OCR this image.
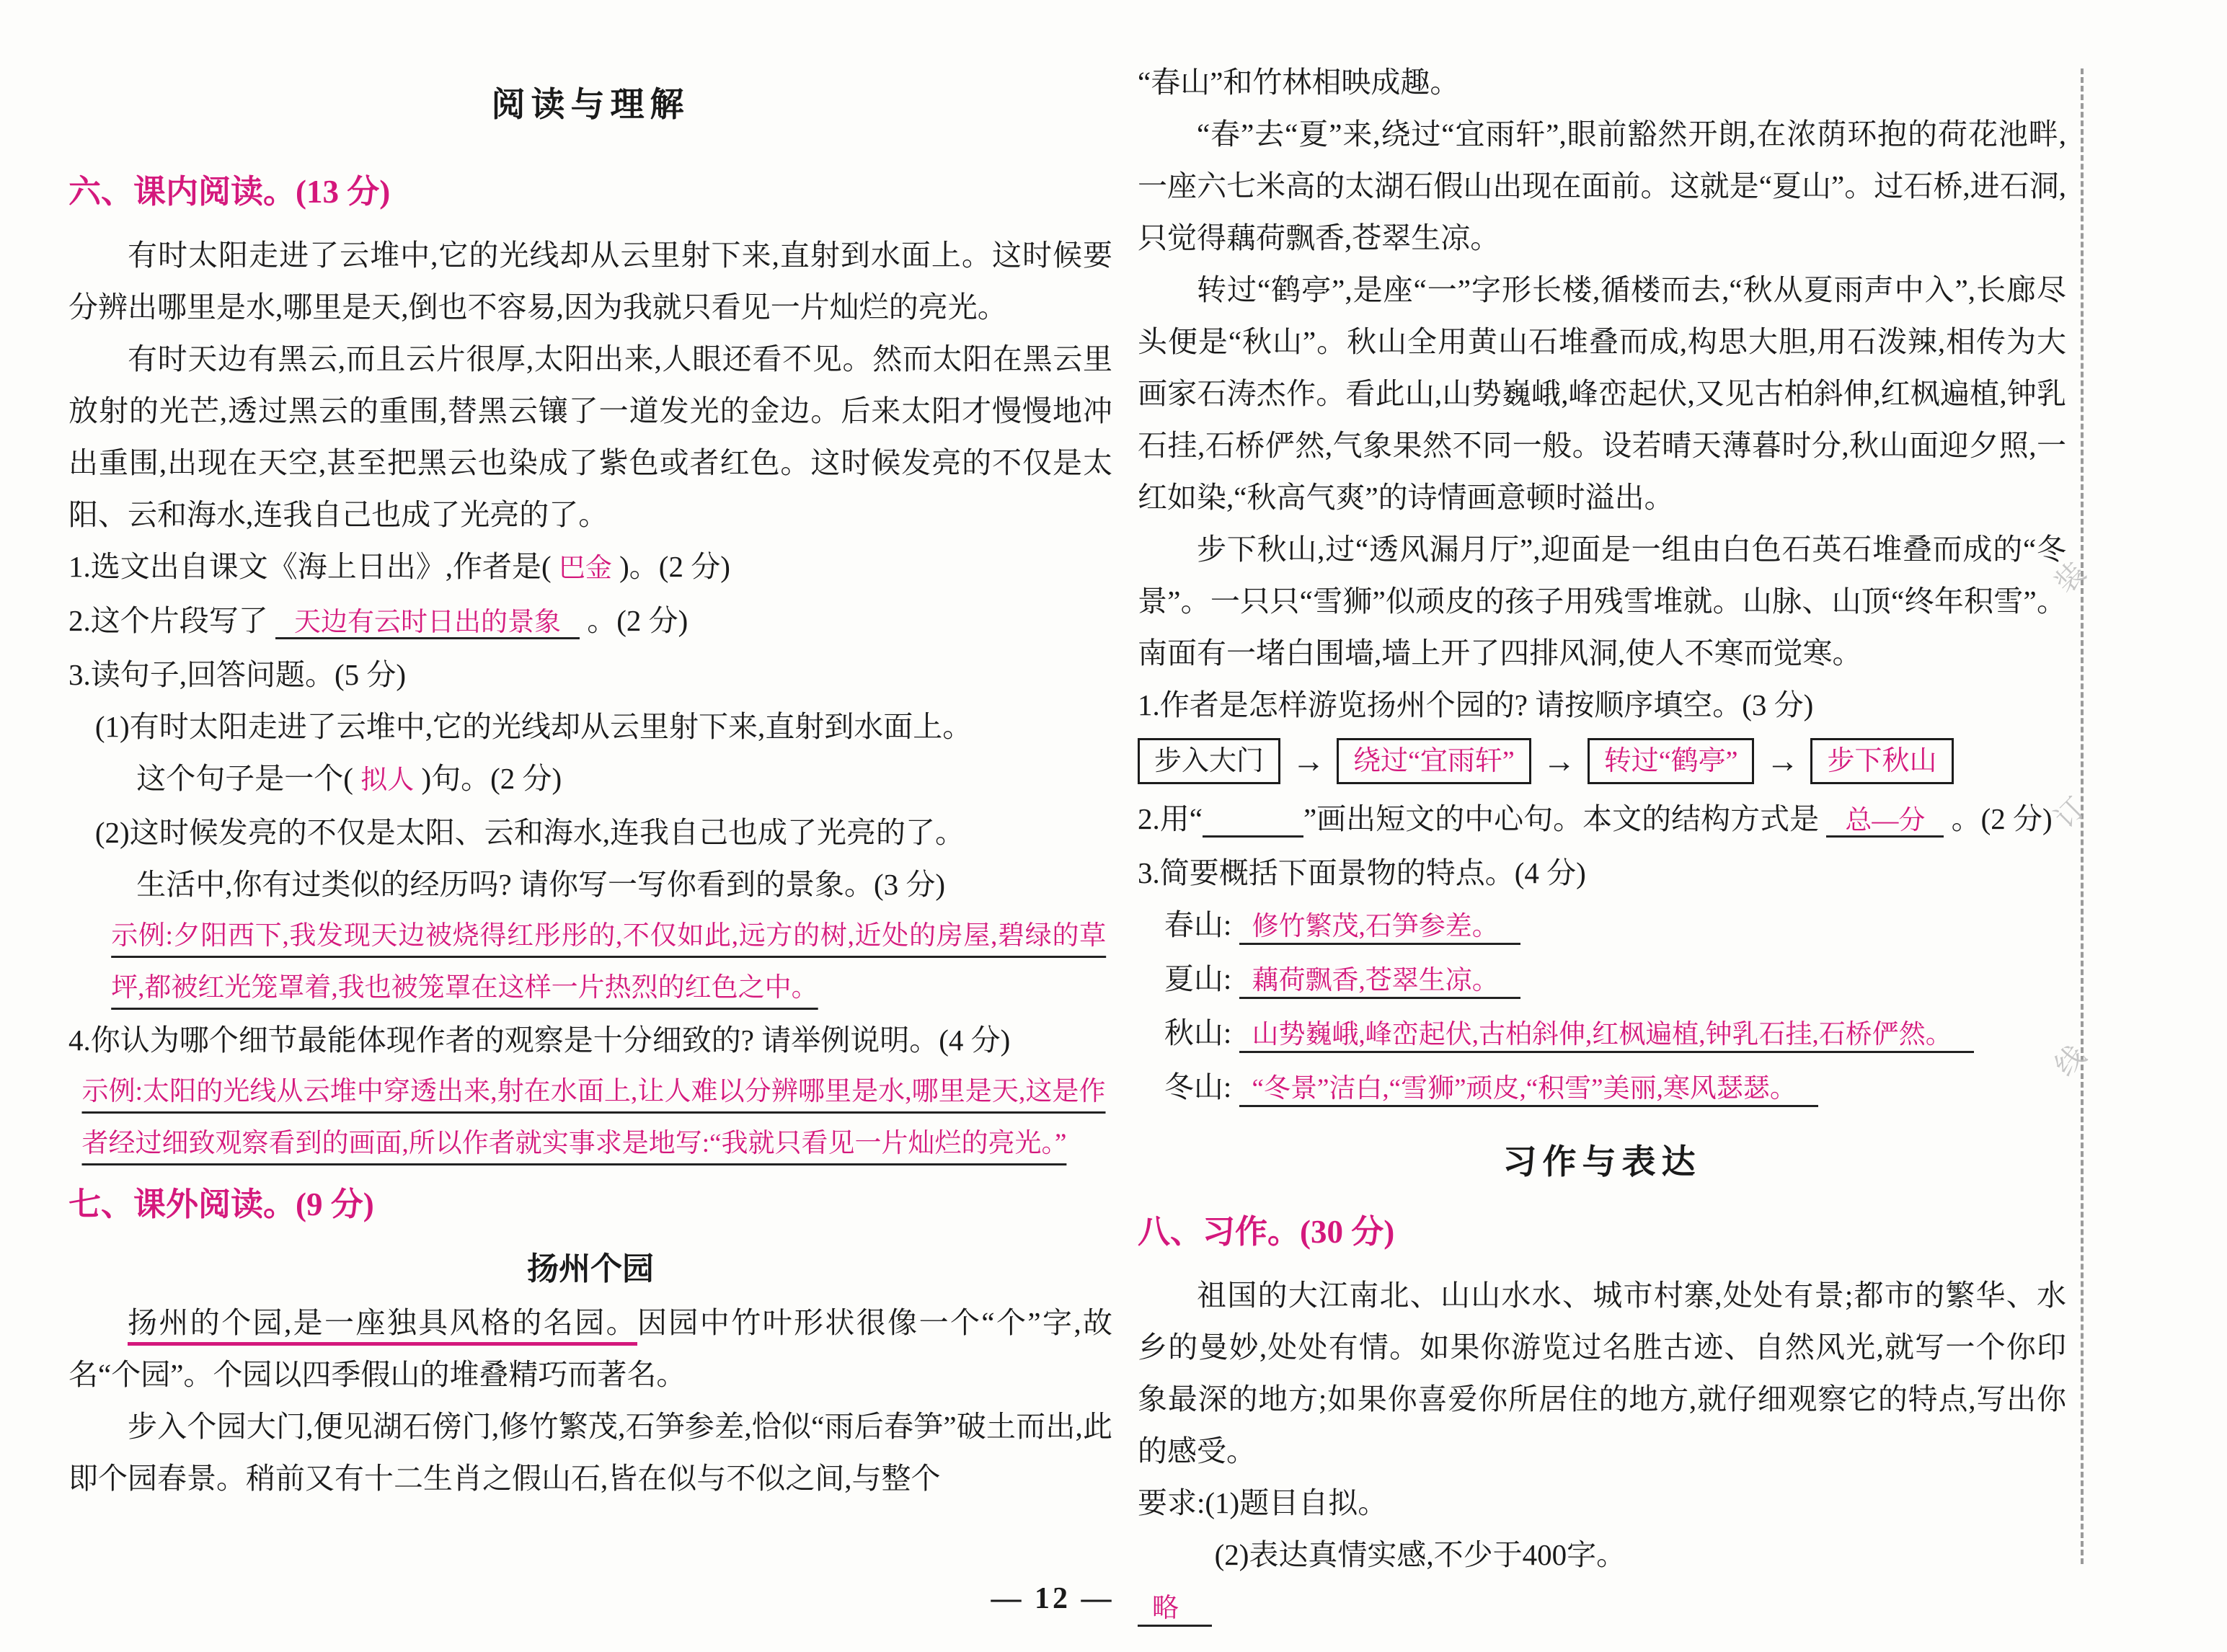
阅读与理解
六、课内阅读。(13 分)
有时太阳走进了云堆中,它的光线却从云里射下来,直射到水面上。这时候要分辨出哪里是水,哪里是天,倒也不容易,因为我就只看见一片灿烂的亮光。
有时天边有黑云,而且云片很厚,太阳出来,人眼还看不见。然而太阳在黑云里放射的光芒,透过黑云的重围,替黑云镶了一道发光的金边。后来太阳才慢慢地冲出重围,出现在天空,甚至把黑云也染成了紫色或者红色。这时候发亮的不仅是太阳、云和海水,连我自己也成了光亮的了。
1.选文出自课文《海上日出》,作者是( 巴金 )。(2 分)
2.这个片段写了 天边有云时日出的景象 。(2 分)
3.读句子,回答问题。(5 分)
(1)有时太阳走进了云堆中,它的光线却从云里射下来,直射到水面上。
这个句子是一个( 拟人 )句。(2 分)
(2)这时候发亮的不仅是太阳、云和海水,连我自己也成了光亮的了。
生活中,你有过类似的经历吗? 请你写一写你看到的景象。(3 分)
示例:夕阳西下,我发现天边被烧得红彤彤的,不仅如此,远方的树,近处的房屋,碧绿的草坪,都被红光笼罩着,我也被笼罩在这样一片热烈的红色之中。
4.你认为哪个细节最能体现作者的观察是十分细致的? 请举例说明。(4 分)
示例:太阳的光线从云堆中穿透出来,射在水面上,让人难以分辨哪里是水,哪里是天,这是作者经过细致观察看到的画面,所以作者就实事求是地写:“我就只看见一片灿烂的亮光。”
七、课外阅读。(9 分)
扬州个园
扬州的个园,是一座独具风格的名园。因园中竹叶形状很像一个“个”字,故名“个园”。个园以四季假山的堆叠精巧而著名。
步入个园大门,便见湖石傍门,修竹繁茂,石笋参差,恰似“雨后春笋”破土而出,此即个园春景。稍前又有十二生肖之假山石,皆在似与不似之间,与整个
“春山”和竹林相映成趣。
“春”去“夏”来,绕过“宜雨轩”,眼前豁然开朗,在浓荫环抱的荷花池畔,一座六七米高的太湖石假山出现在面前。这就是“夏山”。过石桥,进石洞,只觉得藕荷飘香,苍翠生凉。
转过“鹤亭”,是座“一”字形长楼,循楼而去,“秋从夏雨声中入”,长廊尽头便是“秋山”。秋山全用黄山石堆叠而成,构思大胆,用石泼辣,相传为大画家石涛杰作。看此山,山势巍峨,峰峦起伏,又见古柏斜伸,红枫遍植,钟乳石挂,石桥俨然,气象果然不同一般。设若晴天薄暮时分,秋山面迎夕照,一红如染,“秋高气爽”的诗情画意顿时溢出。
步下秋山,过“透风漏月厅”,迎面是一组由白色石英石堆叠而成的“冬景”。一只只“雪狮”似顽皮的孩子用残雪堆就。山脉、山顶“终年积雪”。南面有一堵白围墙,墙上开了四排风洞,使人不寒而觉寒。
1.作者是怎样游览扬州个园的? 请按顺序填空。(3 分)
步入大门 →	绕过“宜雨轩” →	转过“鹤亭” →	步下秋山
2.用“	”画出短文的中心句。本文的结构方式是 总—分 。(2 分)
3.简要概括下面景物的特点。(4 分)
春山: 修竹繁茂,石笋参差。
夏山: 藕荷飘香,苍翠生凉。
秋山: 山势巍峨,峰峦起伏,古柏斜伸,红枫遍植,钟乳石挂,石桥俨然。
冬山: “冬景”洁白,“雪狮”顽皮,“积雪”美丽,寒风瑟瑟。
习作与表达
八、习作。(30 分)
祖国的大江南北、山山水水、城市村寨,处处有景;都市的繁华、水乡的曼妙,处处有情。如果你游览过名胜古迹、自然风光,就写一个你印象最深的地方;如果你喜爱你所居住的地方,就仔细观察它的特点,写出你的感受。
要求:(1)题目自拟。
(2)表达真情实感,不少于400字。
略
装
订
线
— 12 —
